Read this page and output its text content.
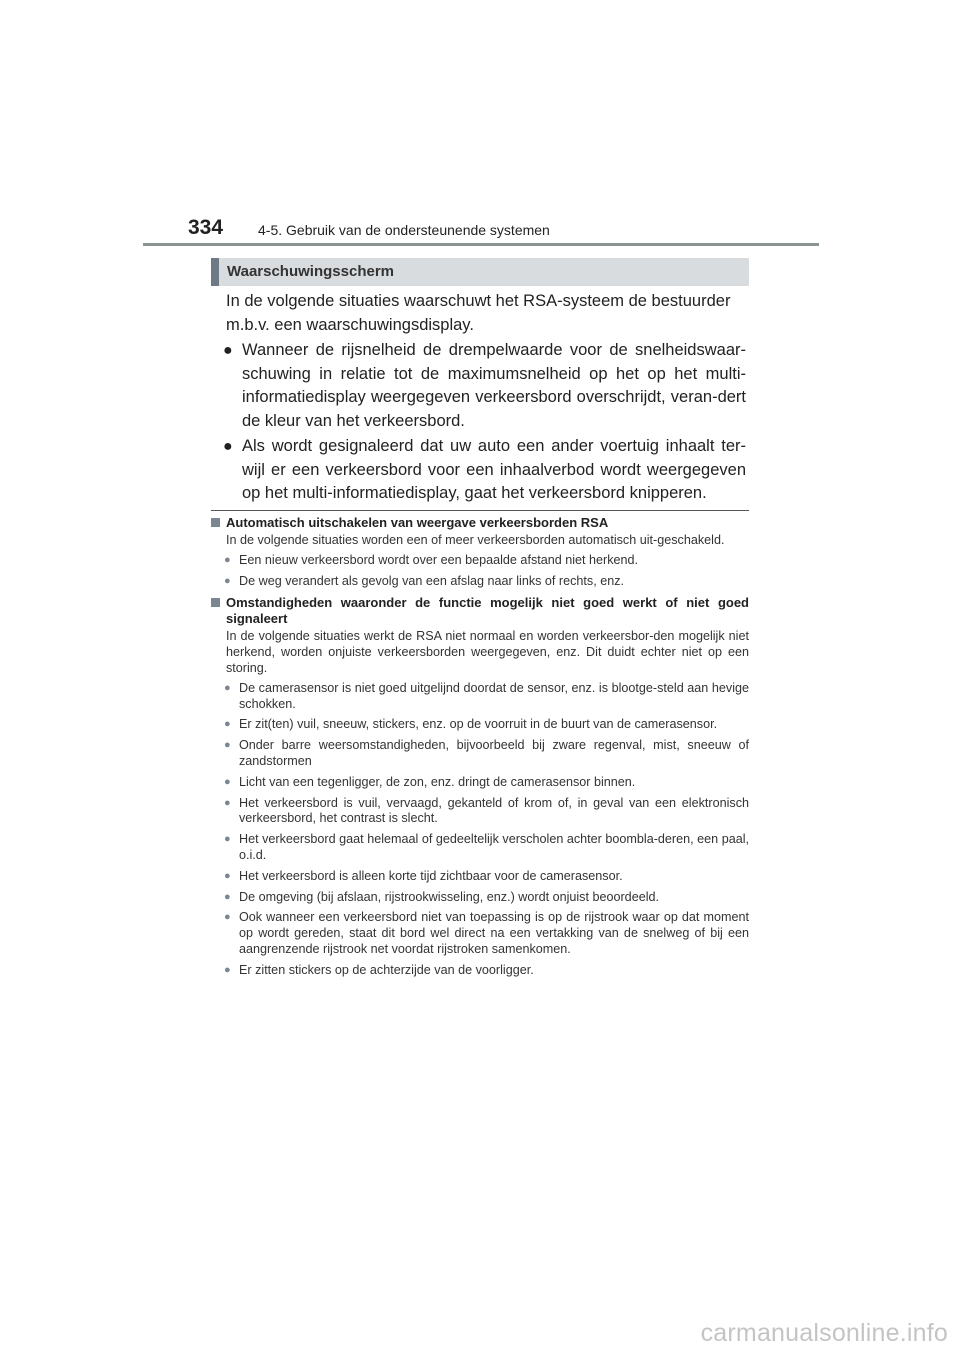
334 4-5. Gebruik van de ondersteunende systemen
Waarschuwingsscherm
In de volgende situaties waarschuwt het RSA-systeem de bestuurder m.b.v. een waarschuwingsdisplay.
● Wanneer de rijsnelheid de drempelwaarde voor de snelheidswaar-schuwing in relatie tot de maximumsnelheid op het op het multi-informatiedisplay weergegeven verkeersbord overschrijdt, veran-dert de kleur van het verkeersbord.
● Als wordt gesignaleerd dat uw auto een ander voertuig inhaalt ter-wijl er een verkeersbord voor een inhaalverbod wordt weergegeven op het multi-informatiedisplay, gaat het verkeersbord knipperen.
Automatisch uitschakelen van weergave verkeersborden RSA
In de volgende situaties worden een of meer verkeersborden automatisch uit-geschakeld.
● Een nieuw verkeersbord wordt over een bepaalde afstand niet herkend.
● De weg verandert als gevolg van een afslag naar links of rechts, enz.
Omstandigheden waaronder de functie mogelijk niet goed werkt of niet goed signaleert
In de volgende situaties werkt de RSA niet normaal en worden verkeersbor-den mogelijk niet herkend, worden onjuiste verkeersborden weergegeven, enz. Dit duidt echter niet op een storing.
● De camerasensor is niet goed uitgelijnd doordat de sensor, enz. is blootge-steld aan hevige schokken.
● Er zit(ten) vuil, sneeuw, stickers, enz. op de voorruit in de buurt van de camerasensor.
● Onder barre weersomstandigheden, bijvoorbeeld bij zware regenval, mist, sneeuw of zandstormen
● Licht van een tegenligger, de zon, enz. dringt de camerasensor binnen.
● Het verkeersbord is vuil, vervaagd, gekanteld of krom of, in geval van een elektronisch verkeersbord, het contrast is slecht.
● Het verkeersbord gaat helemaal of gedeeltelijk verscholen achter boombla-deren, een paal, o.i.d.
● Het verkeersbord is alleen korte tijd zichtbaar voor de camerasensor.
● De omgeving (bij afslaan, rijstrookwisseling, enz.) wordt onjuist beoordeeld.
● Ook wanneer een verkeersbord niet van toepassing is op de rijstrook waar op dat moment op wordt gereden, staat dit bord wel direct na een vertakking van de snelweg of bij een aangrenzende rijstrook net voordat rijstroken samenkomen.
● Er zitten stickers op de achterzijde van de voorligger.
carmanualsonline.info
